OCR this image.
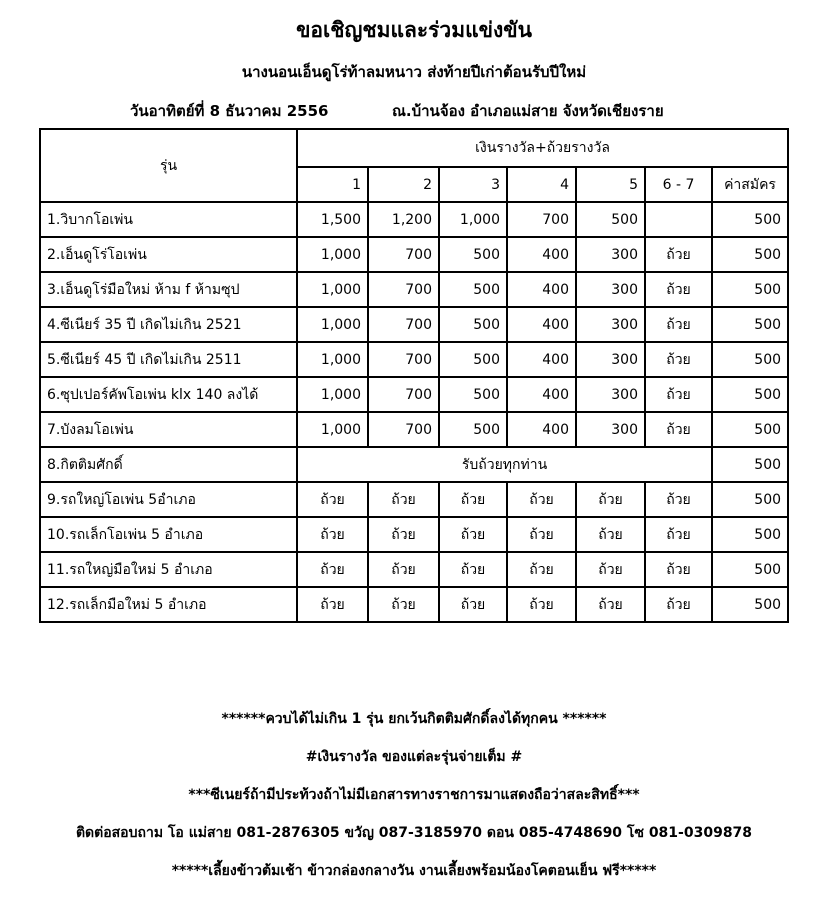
ขอเชิญชมและร่วมแข่งขัน
นางนอนเอ็นดูโร่ท้าลมหนาว ส่งท้ายปีเก่าต้อนรับปีใหม่
วันอาทิตย์ที่ 8 ธันวาคม 2556	ณ.บ้านจ้อง อำเภอแม่สาย จังหวัดเชียงราย
รุ่น	เงินรางวัล+ถ้วยรางวัล						
	1	2	3	4	5	6 - 7	ค่าสมัคร
1.วิบากโอเพ่น	1,500	1,200	1,000	700	500		500
2.เอ็นดูโร่โอเพ่น	1,000	700	500	400	300	ถ้วย	500
3.เอ็นดูโร่มือใหม่ ห้าม f ห้ามซุป	1,000	700	500	400	300	ถ้วย	500
4.ซีเนียร์ 35 ปี เกิดไม่เกิน 2521	1,000	700	500	400	300	ถ้วย	500
5.ซีเนียร์ 45 ปี เกิดไม่เกิน 2511	1,000	700	500	400	300	ถ้วย	500
6.ซุปเปอร์คัพโอเพ่น klx 140 ลงได้	1,000	700	500	400	300	ถ้วย	500
7.บังลมโอเพ่น	1,000	700	500	400	300	ถ้วย	500
8.กิตติมศักดิ์	รับถ้วยทุกท่าน						500
9.รถใหญ่โอเพ่น 5อำเภอ	ถ้วย	ถ้วย	ถ้วย	ถ้วย	ถ้วย	ถ้วย	500
10.รถเล็กโอเพ่น 5 อำเภอ	ถ้วย	ถ้วย	ถ้วย	ถ้วย	ถ้วย	ถ้วย	500
11.รถใหญ่มือใหม่ 5 อำเภอ	ถ้วย	ถ้วย	ถ้วย	ถ้วย	ถ้วย	ถ้วย	500
12.รถเล็กมือใหม่ 5 อำเภอ	ถ้วย	ถ้วย	ถ้วย	ถ้วย	ถ้วย	ถ้วย	500
******ควบได้ไม่เกิน 1 รุ่น ยกเว้นกิตติมศักดิ์ลงได้ทุกคน ******
#เงินรางวัล ของแต่ละรุ่นจ่ายเต็ม #
***ซีเนยร์ถ้ามีประท้วงถ้าไม่มีเอกสารทางราชการมาแสดงถือว่าสละสิทธิ์***
ติดต่อสอบถาม โอ แม่สาย 081-2876305 ขวัญ 087-3185970 ดอน 085-4748690 โซ 081-0309878
*****เลี้ยงข้าวต้มเช้า ข้าวกล่องกลางวัน งานเลี้ยงพร้อมน้องโคตอนเย็น ฟรี*****
